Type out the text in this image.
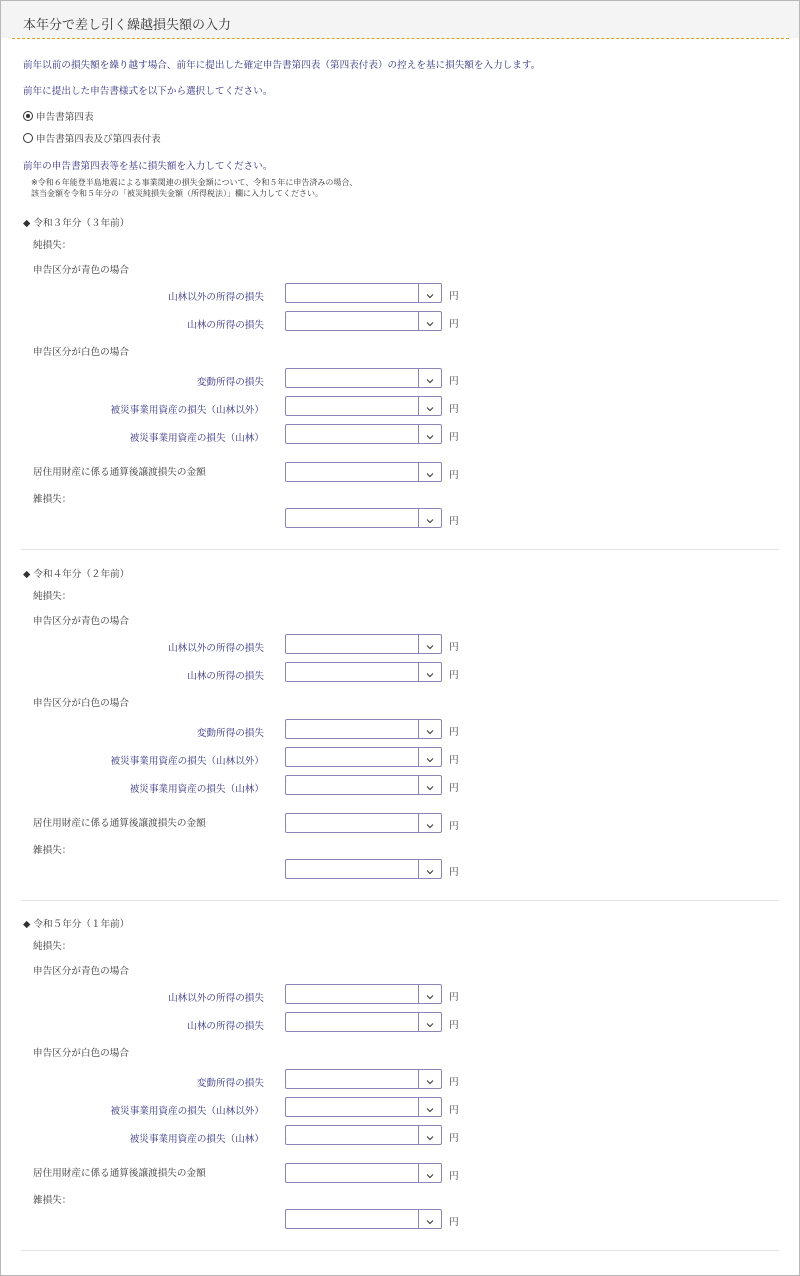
本年分で差し引く繰越損失額の入力
前年以前の損失額を繰り越す場合、前年に提出した確定申告書第四表（第四表付表）の控えを基に損失額を入力します。
前年に提出した申告書様式を以下から選択してください。
申告書第四表
申告書第四表及び第四表付表
前年の申告書第四表等を基に損失額を入力してください。
※令和６年能登半島地震による事業関連の損失金額について、令和５年に申告済みの場合、
該当金額を令和５年分の「被災純損失金額（所得税法）」欄に入力してください。
◆ 令和３年分（３年前）
純損失：
申告区分が青色の場合
申告区分が白色の場合
山林以外の所得の損失	円
山林の所得の損失	円
変動所得の損失	円
被災事業用資産の損失（山林以外）	円
被災事業用資産の損失（山林）	円
居住用財産に係る通算後譲渡損失の金額	円
雑損失：
円
◆ 令和４年分（２年前）
純損失：
申告区分が青色の場合
申告区分が白色の場合
山林以外の所得の損失	円
山林の所得の損失	円
変動所得の損失	円
被災事業用資産の損失（山林以外）	円
被災事業用資産の損失（山林）	円
居住用財産に係る通算後譲渡損失の金額	円
雑損失：
円
◆ 令和５年分（１年前）
純損失：
申告区分が青色の場合
申告区分が白色の場合
山林以外の所得の損失	円
山林の所得の損失	円
変動所得の損失	円
被災事業用資産の損失（山林以外）	円
被災事業用資産の損失（山林）	円
居住用財産に係る通算後譲渡損失の金額	円
雑損失：
円
